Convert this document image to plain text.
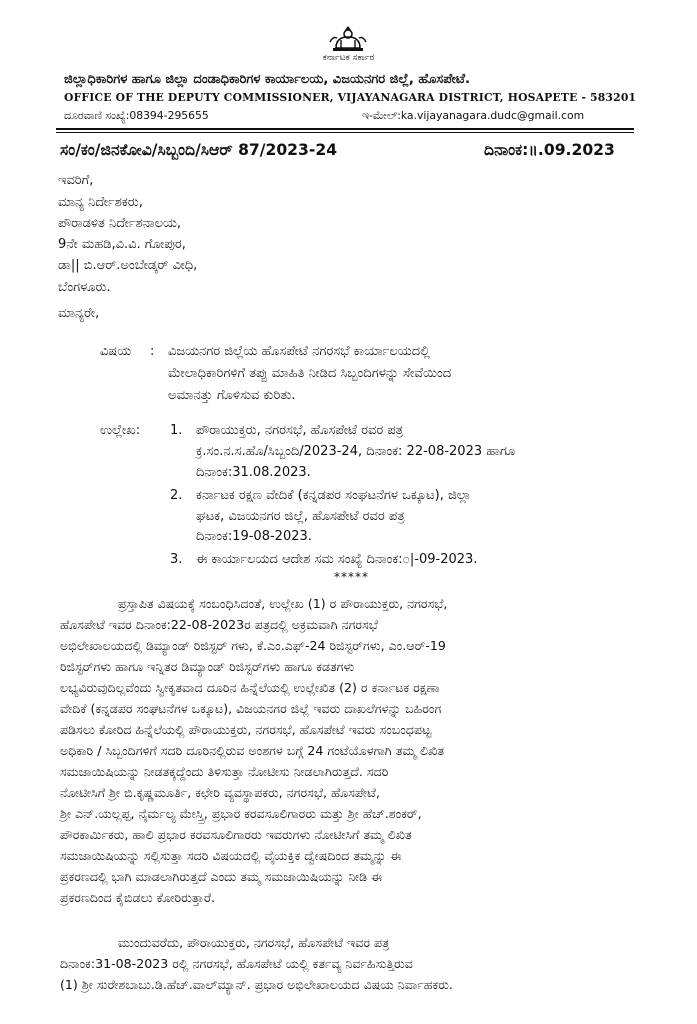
ಕರ್ನಾಟಕ ಸರ್ಕಾರ
ಜಿಲ್ಲಾಧಿಕಾರಿಗಳ ಹಾಗೂ ಜಿಲ್ಲಾ ದಂಡಾಧಿಕಾರಿಗಳ ಕಾರ್ಯಾಲಯ, ವಿಜಯನಗರ ಜಿಲ್ಲೆ, ಹೊಸಪೇಟೆ.
OFFICE OF THE DEPUTY COMMISSIONER, VIJAYANAGARA DISTRICT, HOSAPETE - 583201
ದೂರವಾಣಿ ಸಂಖ್ಯೆ:08394-295655	ಇ-ಮೇಲ್:ka.vijayanagara.dudc@gmail.com
ಸಂ/ಕಂ/ಜಿನಕೋವಿ/ಸಿಬ್ಬಂದಿ/ಸಿಆರ್ 87/2023-24	ದಿನಾಂಕ:॥.09.2023
ಇವರಿಗೆ,
ಮಾನ್ಯ ನಿರ್ದೇಶಕರು,
ಪೌರಾಡಳಿತ ನಿರ್ದೇಶನಾಲಯ,
9ನೇ ಮಹಡಿ,ವಿ.ವಿ. ಗೋಪುರ,
ಡಾ|| ಬಿ.ಆರ್.ಅಂಬೇಡ್ಕರ್ ವೀಧಿ,
ಬೆಂಗಳೂರು.
ಮಾನ್ಯರೇ,
ವಿಷಯ : ವಿಜಯನಗರ ಜಿಲ್ಲೆಯ ಹೊಸಪೇಟೆ ನಗರಸಭೆ ಕಾರ್ಯಾಲಯದಲ್ಲಿ
ಮೇಲಾಧಿಕಾರಿಗಳಿಗೆ ತಪ್ಪು ಮಾಹಿತಿ ನೀಡಿದ ಸಿಬ್ಬಂದಿಗಳನ್ನು ಸೇವೆಯಿಂದ
ಅಮಾನತ್ತು ಗೊಳಿಸುವ ಕುರಿತು.
ಉಲ್ಲೇಖ: 1. ಪೌರಾಯುಕ್ತರು, ನಗರಸಭೆ, ಹೊಸಪೇಟೆ ರವರ ಪತ್ರ
ಕ್ರ.ಸಂ.ನ.ಸ.ಹೊ/ಸಿಬ್ಬಂದಿ/2023-24, ದಿನಾಂಕ: 22-08-2023 ಹಾಗೂ
ದಿನಾಂಕ:31.08.2023.
2. ಕರ್ನಾಟಕ ರಕ್ಷಣ ವೇದಿಕೆ (ಕನ್ನಡಪರ ಸಂಘಟನೆಗಳ ಒಕ್ಕೂಟ), ಜಿಲ್ಲಾ
ಘಟಕ, ವಿಜಯನಗರ ಜಿಲ್ಲೆ, ಹೊಸಪೇಟೆ ರವರ ಪತ್ರ
ದಿನಾಂಕ:19-08-2023.
3. ಈ ಕಾರ್ಯಾಲಯದ ಆದೇಶ ಸಮ ಸಂಖ್ಯೆ ದಿನಾಂಕ:೦|-09-2023.
*****
ಪ್ರಸ್ತಾಪಿತ ವಿಷಯಕ್ಕೆ ಸಂಬಂಧಿಸಿದಂತೆ, ಉಲ್ಲೇಖ (1) ರ ಪೌರಾಯುಕ್ತರು, ನಗರಸಭೆ,
ಹೊಸಪೇಟೆ ಇವರ ದಿನಾಂಕ:22-08-2023ರ ಪತ್ರದಲ್ಲಿ ಅಕ್ರಮವಾಗಿ ನಗರಸಭೆ
ಅಭಿಲೇಖಾಲಯದಲ್ಲಿ ಡಿಮ್ಯಾಂಡ್ ರಿಜಿಸ್ಟರ್ ಗಳು, ಕೆ.ಎಂ.ಎಫ್-24 ರಿಜಿಸ್ಟರ್‌ಗಳು, ಎಂ.ಆರ್-19
ರಿಜಿಸ್ಟರ್‌ಗಳು ಹಾಗೂ ಇನ್ನಿತರ ಡಿಮ್ಯಾಂಡ್ ರಿಜಿಸ್ಟರ್‌ಗಳು ಹಾಗೂ ಕಡತಗಳು
ಲಭ್ಯವಿರುವುದಿಲ್ಲವೆಂದು ಸ್ವೀಕೃತವಾದ ದೂರಿನ ಹಿನ್ನೆಲೆಯಲ್ಲಿ ಉಲ್ಲೇಖಿತ (2) ರ ಕರ್ನಾಟಕ ರಕ್ಷಣಾ
ವೇದಿಕೆ (ಕನ್ನಡಪರ ಸಂಘಟನೆಗಳ ಒಕ್ಕೂಟ), ವಿಜಯನಗರ ಜಿಲ್ಲೆ ಇವರು ದಾಖಲೆಗಳನ್ನು ಬಹಿರಂಗ
ಪಡಿಸಲು ಕೋರಿದ ಹಿನ್ನೆಲೆಯಲ್ಲಿ ಪೌರಾಯುಕ್ತರು, ನಗರಸಭೆ, ಹೊಸಪೇಟೆ ಇವರು ಸಂಬಂಧಪಟ್ಟ
ಅಧಿಕಾರಿ / ಸಿಬ್ಬಂದಿಗಳಿಗೆ ಸದರಿ ದೂರಿನಲ್ಲಿರುವ ಅಂಶಗಳ ಬಗ್ಗೆ 24 ಗಂಟೆಯೊಳಗಾಗಿ ತಮ್ಮ ಲಿಖಿತ
ಸಮಜಾಯಿಷಿಯನ್ನು ನೀಡತಕ್ಕದ್ದೆಂದು ತಿಳಿಸುತ್ತಾ ನೋಟೀಸು ನೀಡಲಾಗಿರುತ್ತದೆ. ಸದರಿ
ನೋಟೀಸಿಗೆ ಶ್ರೀ ಬಿ.ಕೃಷ್ಣಮೂರ್ತಿ, ಕಛೇರಿ ವ್ಯವಸ್ಥಾಪಕರು, ನಗರಸಭೆ, ಹೊಸಪೇಟೆ,
ಶ್ರೀ ಎನ್.ಯಲ್ಲಪ್ಪ, ನೈರ್ಮಲ್ಯ ಮೇಸ್ತ್ರಿ, ಪ್ರಭಾರ ಕರವಸೂಲಿಗಾರರು ಮತ್ತು ಶ್ರೀ ಹೆಚ್.ಶಂಕರ್,
ಪೌರಕಾರ್ಮಿಕರು, ಹಾಲಿ ಪ್ರಭಾರ ಕರವಸೂಲಿಗಾರರು ಇವರುಗಳು ನೋಟೀಸಿಗೆ ತಮ್ಮ ಲಿಖಿತ
ಸಮಜಾಯಿಷಿಯನ್ನು ಸಲ್ಲಿಸುತ್ತಾ ಸದರಿ ವಿಷಯದಲ್ಲಿ ವೈಯಕ್ತಿಕ ದ್ವೇಷದಿಂದ ತಮ್ಮನ್ನು ಈ
ಪ್ರಕರಣದಲ್ಲಿ ಭಾಗಿ ಮಾಡಲಾಗಿರುತ್ತದೆ ಎಂದು ತಮ್ಮ ಸಮಜಾಯಿಷಿಯನ್ನು ನೀಡಿ ಈ
ಪ್ರಕರಣದಿಂದ ಕೈಬಿಡಲು ಕೋರಿರುತ್ತಾರೆ.
ಮುಂದುವರೆದು, ಪೌರಾಯುಕ್ತರು, ನಗರಸಭೆ, ಹೊಸಪೇಟೆ ಇವರ ಪತ್ರ
ದಿನಾಂಕ:31-08-2023 ರಲ್ಲಿ ನಗರಸಭೆ, ಹೊಸಪೇಟೆ ಯಲ್ಲಿ ಕರ್ತವ್ಯ ನಿರ್ವಹಿಸುತ್ತಿರುವ
(1) ಶ್ರೀ ಸುರೇಶಬಾಬು.ಡಿ.ಹೆಚ್.ವಾಲ್‌ಮ್ಯಾನ್. ಪ್ರಭಾರ ಅಭಿಲೇಖಾಲಯದ ವಿಷಯ ನಿರ್ವಾಹಕರು.
